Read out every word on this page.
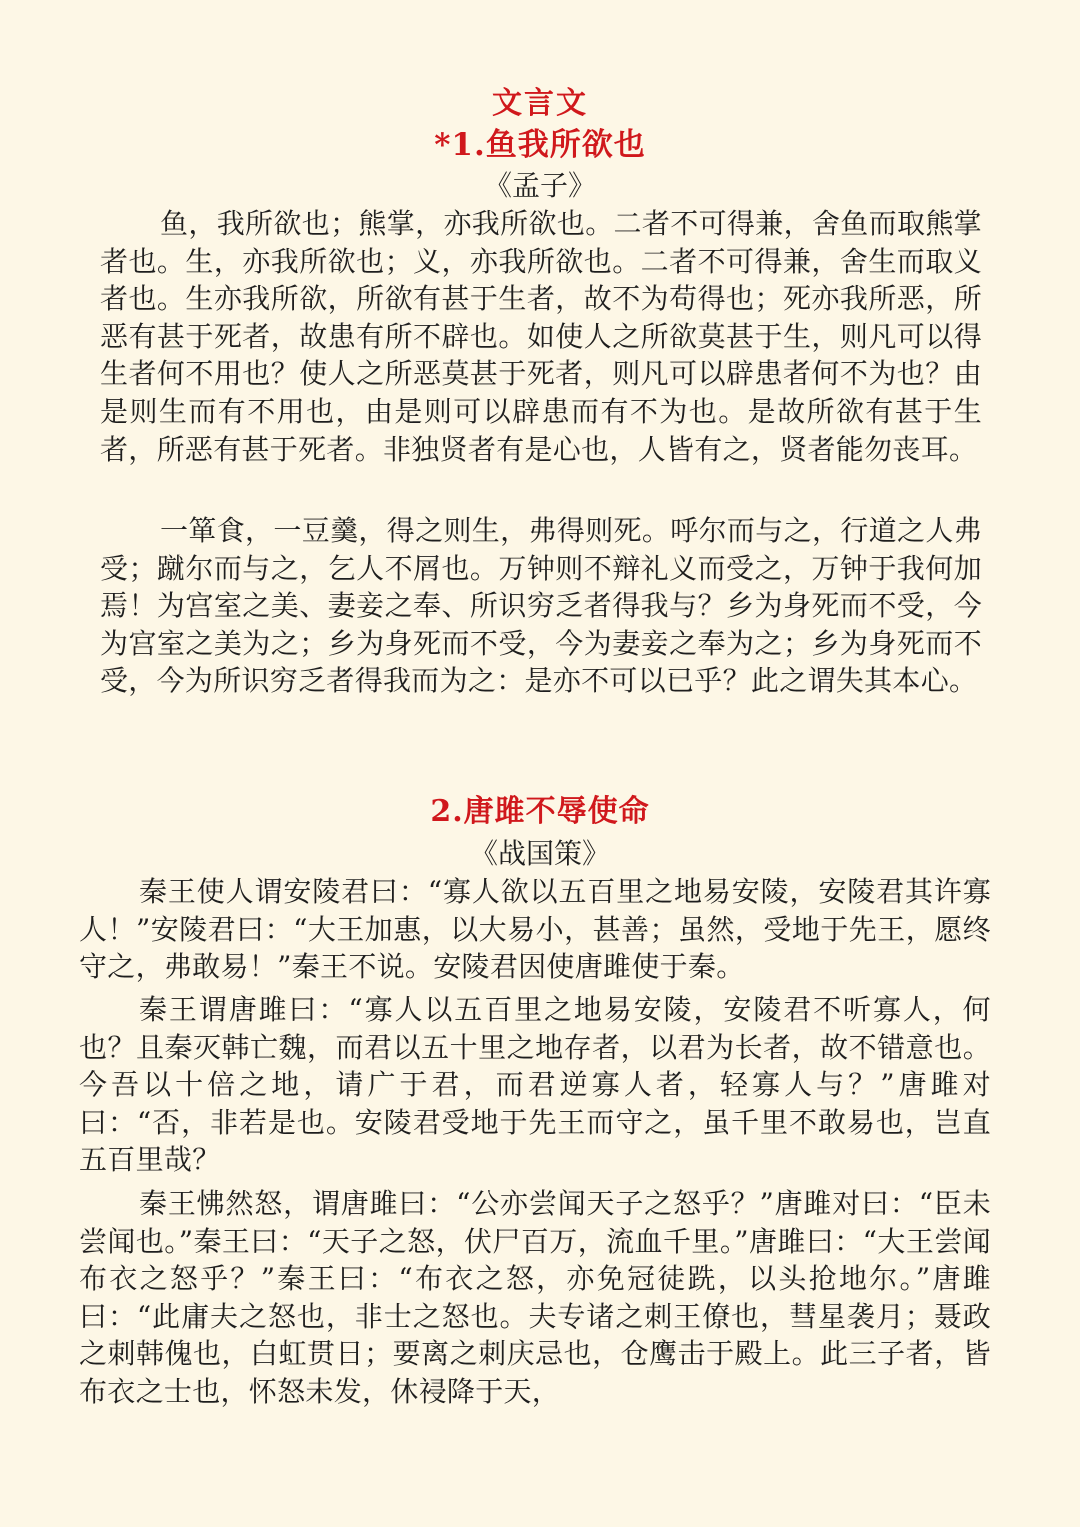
文言文
*1.鱼我所欲也
《孟子》

鱼，我所欲也；熊掌，亦我所欲也。二者不可得兼，舍鱼而取熊掌者也。生，亦我所欲也；义，亦我所欲也。二者不可得兼，舍生而取义者也。生亦我所欲，所欲有甚于生者，故不为苟得也；死亦我所恶，所恶有甚于死者，故患有所不辟也。如使人之所欲莫甚于生，则凡可以得生者何不用也？使人之所恶莫甚于死者，则凡可以辟患者何不为也？由是则生而有不用也，由是则可以辟患而有不为也。是故所欲有甚于生者，所恶有甚于死者。非独贤者有是心也，人皆有之，贤者能勿丧耳。

一箪食，一豆羹，得之则生，弗得则死。呼尔而与之，行道之人弗受；蹴尔而与之，乞人不屑也。万钟则不辩礼义而受之，万钟于我何加焉！为宫室之美、妻妾之奉、所识穷乏者得我与？乡为身死而不受，今为宫室之美为之；乡为身死而不受，今为妻妾之奉为之；乡为身死而不受，今为所识穷乏者得我而为之：是亦不可以已乎？此之谓失其本心。

2.唐雎不辱使命
《战国策》

秦王使人谓安陵君曰：“寡人欲以五百里之地易安陵，安陵君其许寡人！”安陵君曰：“大王加惠，以大易小，甚善；虽然，受地于先王，愿终守之，弗敢易！”秦王不说。安陵君因使唐雎使于秦。

秦王谓唐雎曰：“寡人以五百里之地易安陵，安陵君不听寡人，何也？且秦灭韩亡魏，而君以五十里之地存者，以君为长者，故不错意也。今吾以十倍之地，请广于君，而君逆寡人者，轻寡人与？”唐雎对曰：“否，非若是也。安陵君受地于先王而守之，虽千里不敢易也，岂直五百里哉？

秦王怫然怒，谓唐雎曰：“公亦尝闻天子之怒乎？”唐雎对曰：“臣未尝闻也。”秦王曰：“天子之怒，伏尸百万，流血千里。”唐雎曰：“大王尝闻布衣之怒乎？”秦王曰：“布衣之怒，亦免冠徒跣，以头抢地尔。”唐雎曰：“此庸夫之怒也，非士之怒也。夫专诸之刺王僚也，彗星袭月；聂政之刺韩傀也，白虹贯日；要离之刺庆忌也，仓鹰击于殿上。此三子者，皆布衣之士也，怀怒未发，休祲降于天，
